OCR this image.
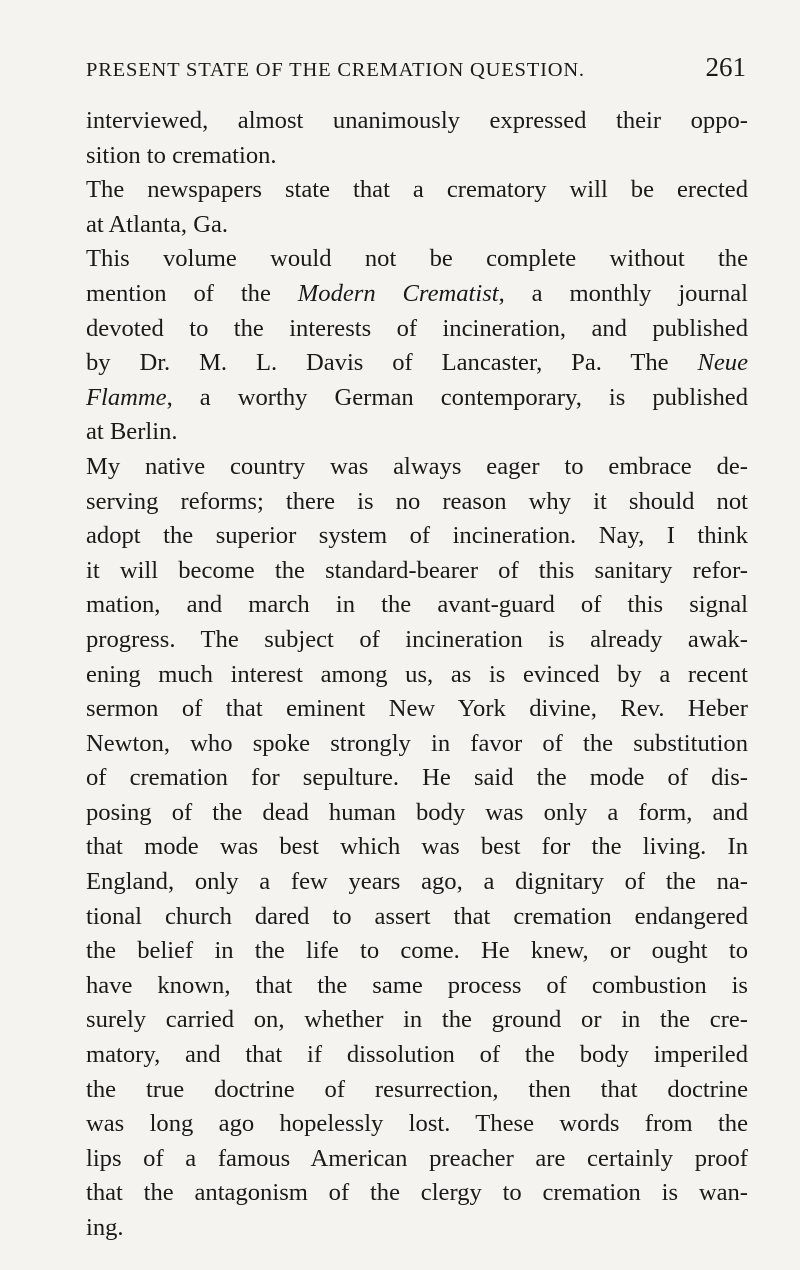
PRESENT STATE OF THE CREMATION QUESTION.	261
interviewed, almost unanimously expressed their oppo-
sition to cremation.
The newspapers state that a crematory will be erected
at Atlanta, Ga.
This volume would not be complete without the
mention of the Modern Crematist, a monthly journal
devoted to the interests of incineration, and published
by Dr. M. L. Davis of Lancaster, Pa. The Neue
Flamme, a worthy German contemporary, is published
at Berlin.
My native country was always eager to embrace de-
serving reforms; there is no reason why it should not
adopt the superior system of incineration. Nay, I think
it will become the standard-bearer of this sanitary refor-
mation, and march in the avant-guard of this signal
progress. The subject of incineration is already awak-
ening much interest among us, as is evinced by a recent
sermon of that eminent New York divine, Rev. Heber
Newton, who spoke strongly in favor of the substitution
of cremation for sepulture. He said the mode of dis-
posing of the dead human body was only a form, and
that mode was best which was best for the living. In
England, only a few years ago, a dignitary of the na-
tional church dared to assert that cremation endangered
the belief in the life to come. He knew, or ought to
have known, that the same process of combustion is
surely carried on, whether in the ground or in the cre-
matory, and that if dissolution of the body imperiled
the true doctrine of resurrection, then that doctrine
was long ago hopelessly lost. These words from the
lips of a famous American preacher are certainly proof
that the antagonism of the clergy to cremation is wan-
ing.
